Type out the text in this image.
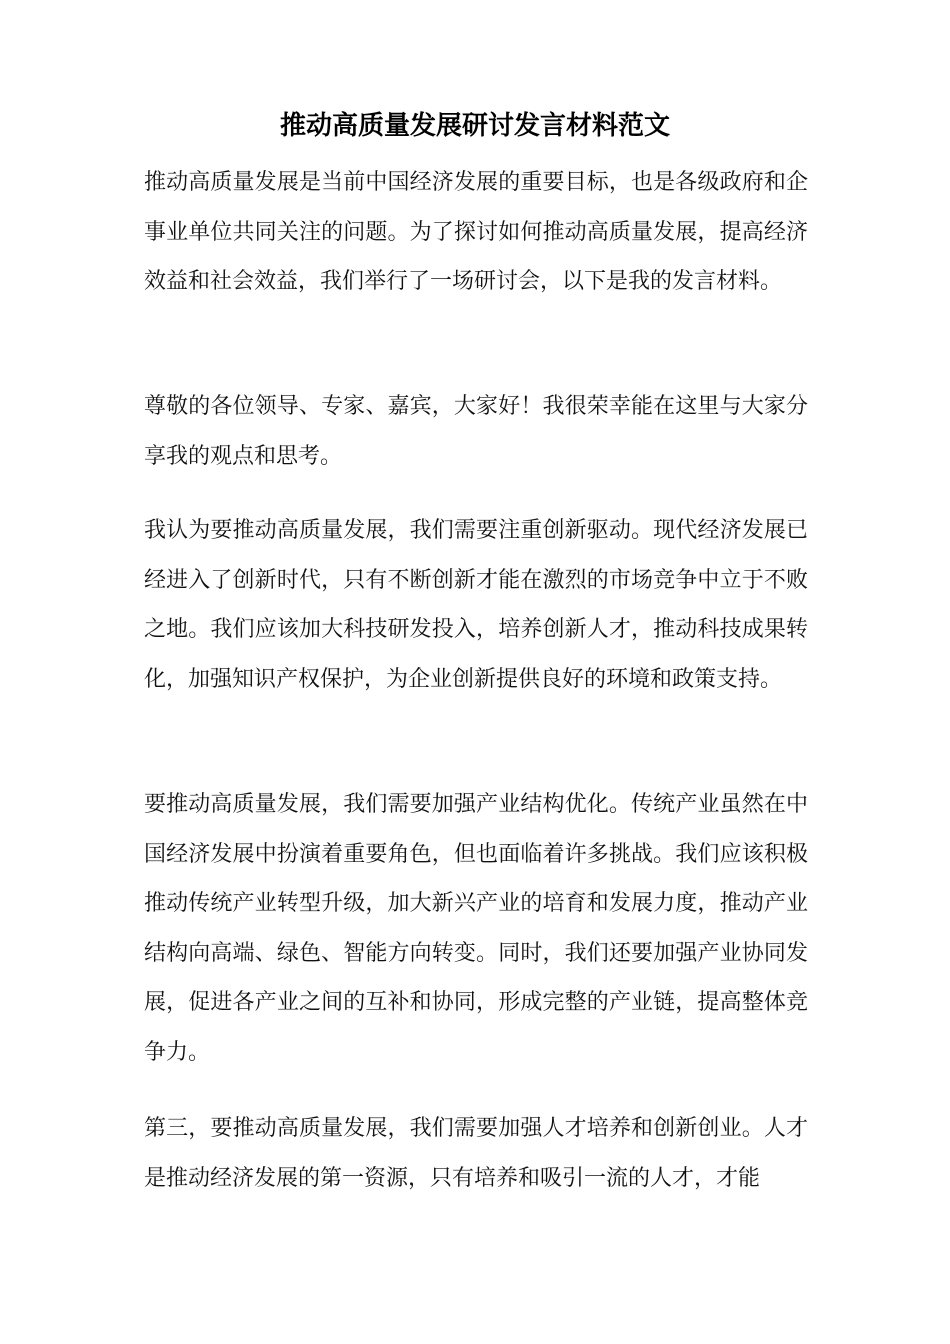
推动高质量发展研讨发言材料范文

推动高质量发展是当前中国经济发展的重要目标，也是各级政府和企事业单位共同关注的问题。为了探讨如何推动高质量发展，提高经济效益和社会效益，我们举行了一场研讨会，以下是我的发言材料。

尊敬的各位领导、专家、嘉宾，大家好！我很荣幸能在这里与大家分享我的观点和思考。

我认为要推动高质量发展，我们需要注重创新驱动。现代经济发展已经进入了创新时代，只有不断创新才能在激烈的市场竞争中立于不败之地。我们应该加大科技研发投入，培养创新人才，推动科技成果转化，加强知识产权保护，为企业创新提供良好的环境和政策支持。

要推动高质量发展，我们需要加强产业结构优化。传统产业虽然在中国经济发展中扮演着重要角色，但也面临着许多挑战。我们应该积极推动传统产业转型升级，加大新兴产业的培育和发展力度，推动产业结构向高端、绿色、智能方向转变。同时，我们还要加强产业协同发展，促进各产业之间的互补和协同，形成完整的产业链，提高整体竞争力。

第三，要推动高质量发展，我们需要加强人才培养和创新创业。人才是推动经济发展的第一资源，只有培养和吸引一流的人才，才能
